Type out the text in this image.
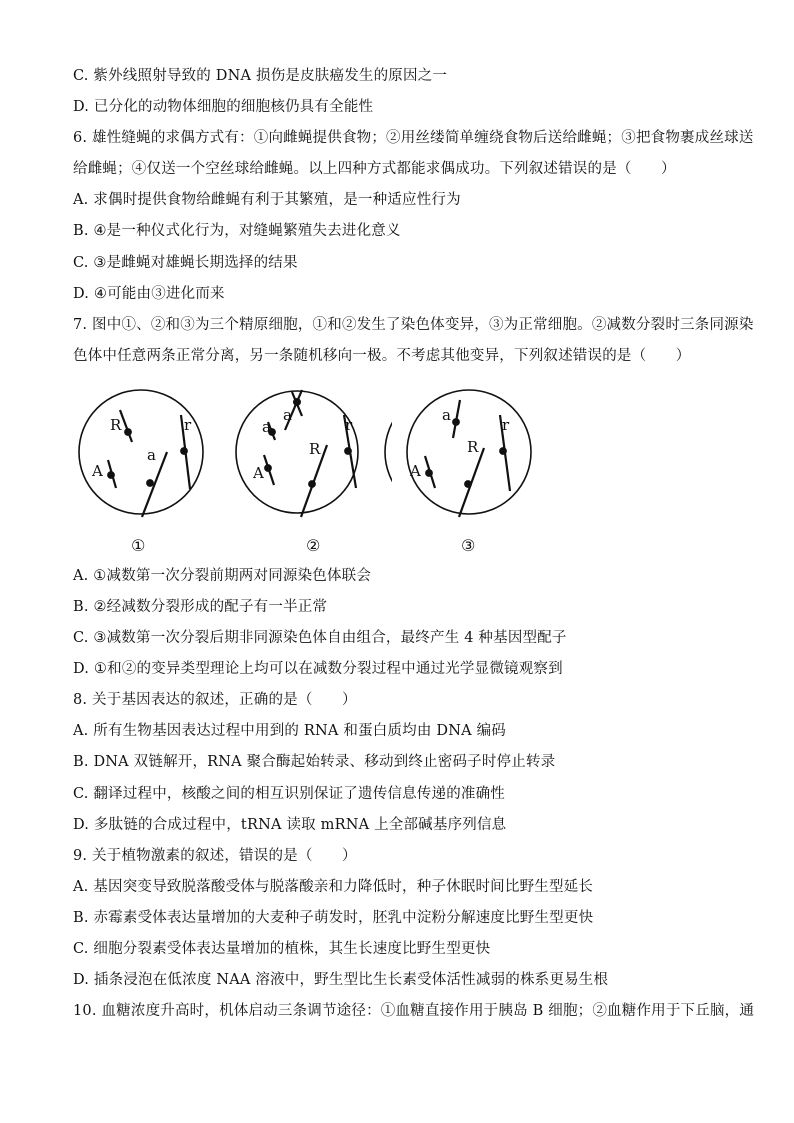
C. 紫外线照射导致的 DNA 损伤是皮肤癌发生的原因之一
D. 已分化的动物体细胞的细胞核仍具有全能性
6. 雄性缝蝇的求偶方式有：①向雌蝇提供食物；②用丝缕简单缠绕食物后送给雌蝇；③把食物裹成丝球送
给雌蝇；④仅送一个空丝球给雌蝇。以上四种方式都能求偶成功。下列叙述错误的是（　　）
A. 求偶时提供食物给雌蝇有利于其繁殖，是一种适应性行为
B. ④是一种仪式化行为，对缝蝇繁殖失去进化意义
C. ③是雌蝇对雄蝇长期选择的结果
D. ④可能由③进化而来
7. 图中①、②和③为三个精原细胞，①和②发生了染色体变异，③为正常细胞。②减数分裂时三条同源染
色体中任意两条正常分离，另一条随机移向一极。不考虑其他变异，下列叙述错误的是（　　）
R
A
a
r
①
a
a
A
R
r
②
a
A
R
r
③
A. ①减数第一次分裂前期两对同源染色体联会
B. ②经减数分裂形成的配子有一半正常
C. ③减数第一次分裂后期非同源染色体自由组合，最终产生 4 种基因型配子
D. ①和②的变异类型理论上均可以在减数分裂过程中通过光学显微镜观察到
8. 关于基因表达的叙述，正确的是（　　）
A. 所有生物基因表达过程中用到的 RNA 和蛋白质均由 DNA 编码
B. DNA 双链解开，RNA 聚合酶起始转录、移动到终止密码子时停止转录
C. 翻译过程中，核酸之间的相互识别保证了遗传信息传递的准确性
D. 多肽链的合成过程中，tRNA 读取 mRNA 上全部碱基序列信息
9. 关于植物激素的叙述，错误的是（　　）
A. 基因突变导致脱落酸受体与脱落酸亲和力降低时，种子休眠时间比野生型延长
B. 赤霉素受体表达量增加的大麦种子萌发时，胚乳中淀粉分解速度比野生型更快
C. 细胞分裂素受体表达量增加的植株，其生长速度比野生型更快
D. 插条浸泡在低浓度 NAA 溶液中，野生型比生长素受体活性减弱的株系更易生根
10. 血糖浓度升高时，机体启动三条调节途径：①血糖直接作用于胰岛 B 细胞；②血糖作用于下丘脑，通
